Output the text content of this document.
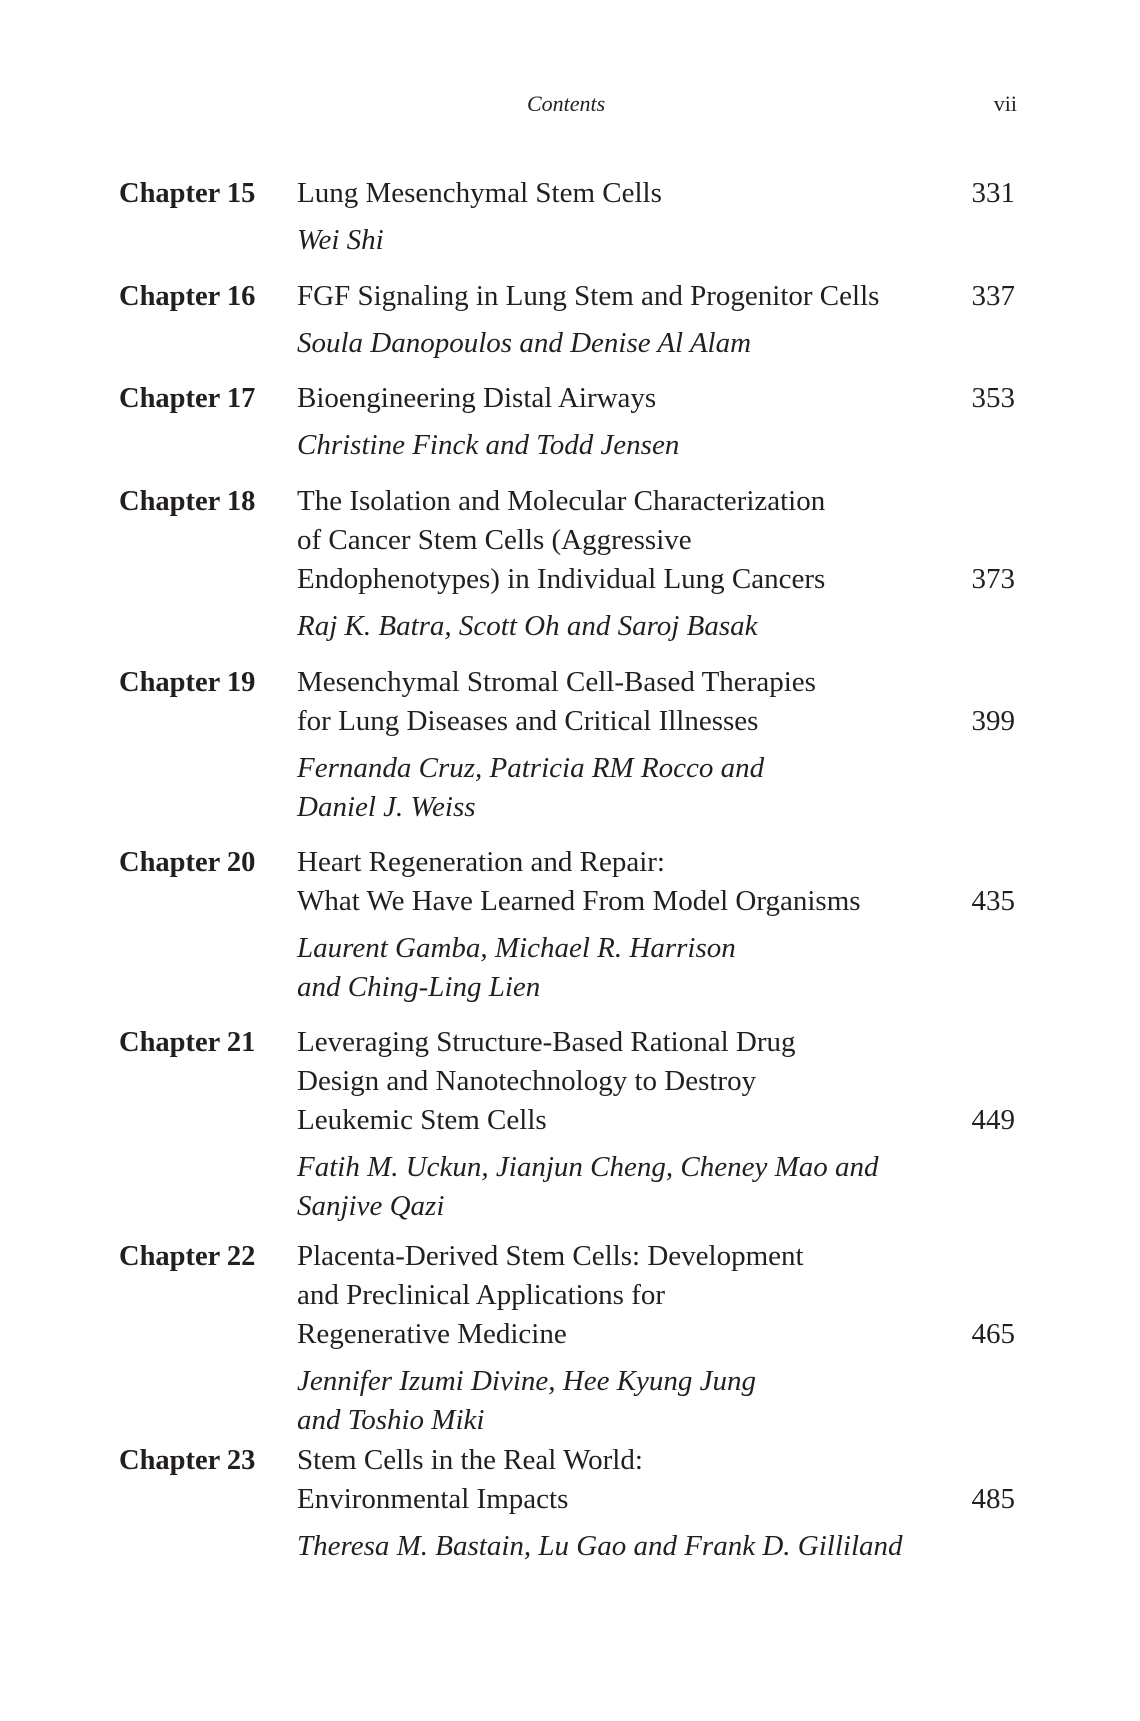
Contents	vii
Chapter 15 Lung Mesenchymal Stem Cells
Wei Shi
331
Chapter 16 FGF Signaling in Lung Stem and Progenitor Cells
Soula Danopoulos and Denise Al Alam
337
Chapter 17 Bioengineering Distal Airways
Christine Finck and Todd Jensen
353
Chapter 18 The Isolation and Molecular Characterization
of Cancer Stem Cells (Aggressive
Endophenotypes) in Individual Lung Cancers
Raj K. Batra, Scott Oh and Saroj Basak
373
Chapter 19 Mesenchymal Stromal Cell-Based Therapies
for Lung Diseases and Critical Illnesses
Fernanda Cruz, Patricia RM Rocco and
Daniel J. Weiss
399
Chapter 20 Heart Regeneration and Repair:
What We Have Learned From Model Organisms
Laurent Gamba, Michael R. Harrison
and Ching-Ling Lien
435
Chapter 21 Leveraging Structure-Based Rational Drug
Design and Nanotechnology to Destroy
Leukemic Stem Cells
Fatih M. Uckun, Jianjun Cheng, Cheney Mao and
Sanjive Qazi
449
Chapter 22 Placenta-Derived Stem Cells: Development
and Preclinical Applications for
Regenerative Medicine
Jennifer Izumi Divine, Hee Kyung Jung
and Toshio Miki
465
Chapter 23 Stem Cells in the Real World:
Environmental Impacts
Theresa M. Bastain, Lu Gao and Frank D. Gilliland
485
